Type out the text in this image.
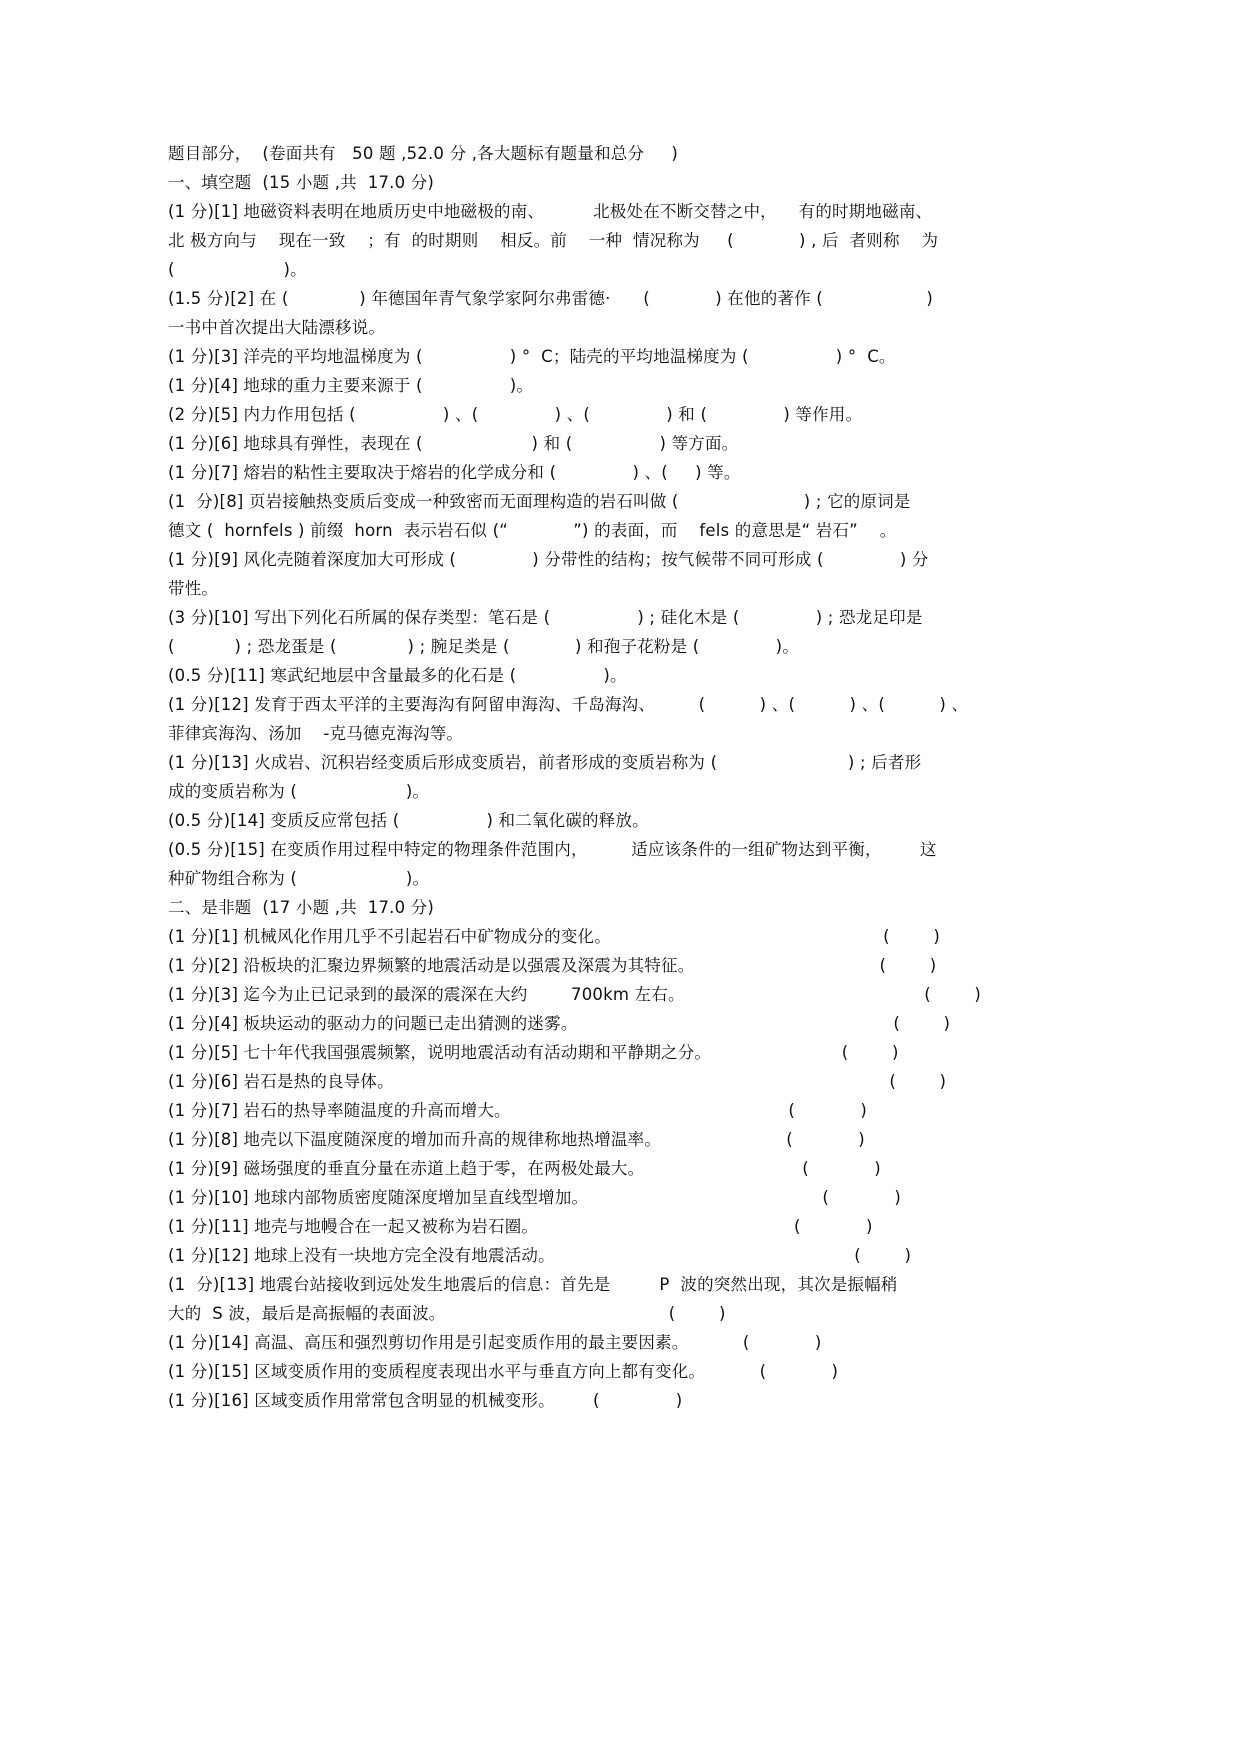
题目部分，  (卷面共有   50 题 ,52.0 分 ,各大题标有题量和总分     )
一、填空题  (15 小题 ,共  17.0 分)
(1 分)[1] 地磁资料表明在地质历史中地磁极的南、         北极处在不断交替之中，    有的时期地磁南、
北 极方向与    现在一致    ；有  的时期则    相反。前    一种  情况称为     (            ) , 后  者则称    为
(                    )。
(1.5 分)[2] 在 (             ) 年德国年青气象学家阿尔弗雷德·      (            ) 在他的著作 (                   )
一书中首次提出大陆漂移说。
(1 分)[3] 洋壳的平均地温梯度为 (                ) °  C；陆壳的平均地温梯度为 (                ) °  C。
(1 分)[4] 地球的重力主要来源于 (                )。
(2 分)[5] 内力作用包括 (                ) 、(              ) 、(              ) 和 (              ) 等作用。
(1 分)[6] 地球具有弹性，表现在 (                    ) 和 (                ) 等方面。
(1 分)[7] 熔岩的粘性主要取决于熔岩的化学成分和 (              ) 、(     ) 等。
(1  分)[8] 页岩接触热变质后变成一种致密而无面理构造的岩石叫做 (                       ) ; 它的原词是
德文 (  hornfels ) 前缀  horn  表示岩石似 (“            ”) 的表面，而    fels 的意思是“ 岩石”    。
(1 分)[9] 风化壳随着深度加大可形成 (              ) 分带性的结构；按气候带不同可形成 (              ) 分
带性。
(3 分)[10] 写出下列化石所属的保存类型：笔石是 (                ) ; 硅化木是 (              ) ; 恐龙足印是
(           ) ; 恐龙蛋是 (             ) ; 腕足类是 (            ) 和孢子花粉是 (              )。
(0.5 分)[11] 寒武纪地层中含量最多的化石是 (                )。
(1 分)[12] 发育于西太平洋的主要海沟有阿留申海沟、千岛海沟、        (          ) 、(          ) 、(          ) 、
菲律宾海沟、汤加    -克马德克海沟等。
(1 分)[13] 火成岩、沉积岩经变质后形成变质岩，前者形成的变质岩称为 (                        ) ; 后者形
成的变质岩称为 (                    )。
(0.5 分)[14] 变质反应常包括 (                ) 和二氧化碳的释放。
(0.5 分)[15] 在变质作用过程中特定的物理条件范围内，        适应该条件的一组矿物达到平衡，       这
种矿物组合称为 (                    )。
二、是非题  (17 小题 ,共  17.0 分)
(1 分)[1] 机械风化作用几乎不引起岩石中矿物成分的变化。                                                  (        )
(1 分)[2] 沿板块的汇聚边界频繁的地震活动是以强震及深震为其特征。                                  (        )
(1 分)[3] 迄今为止已记录到的最深的震深在大约        700km 左右。                                            (        )
(1 分)[4] 板块运动的驱动力的问题已走出猜测的迷雾。                                                          (        )
(1 分)[5] 七十年代我国强震频繁，说明地震活动有活动期和平静期之分。                        (        )
(1 分)[6] 岩石是热的良导体。                                                                                           (        )
(1 分)[7] 岩石的热导率随温度的升高而增大。                                                   (            )
(1 分)[8] 地壳以下温度随深度的增加而升高的规律称地热增温率。                       (            )
(1 分)[9] 磁场强度的垂直分量在赤道上趋于零，在两极处最大。                             (            )
(1 分)[10] 地球内部物质密度随深度增加呈直线型增加。                                           (            )
(1 分)[11] 地壳与地幔合在一起又被称为岩石圈。                                               (            )
(1 分)[12] 地球上没有一块地方完全没有地震活动。                                                       (        )
(1  分)[13] 地震台站接收到远处发生地震后的信息：首先是         P  波的突然出现，其次是振幅稍
大的  S 波，最后是高振幅的表面波。                                         (        )
(1 分)[14] 高温、高压和强烈剪切作用是引起变质作用的最主要因素。          (            )
(1 分)[15] 区域变质作用的变质程度表现出水平与垂直方向上都有变化。          (            )
(1 分)[16] 区域变质作用常常包含明显的机械变形。       (              )
